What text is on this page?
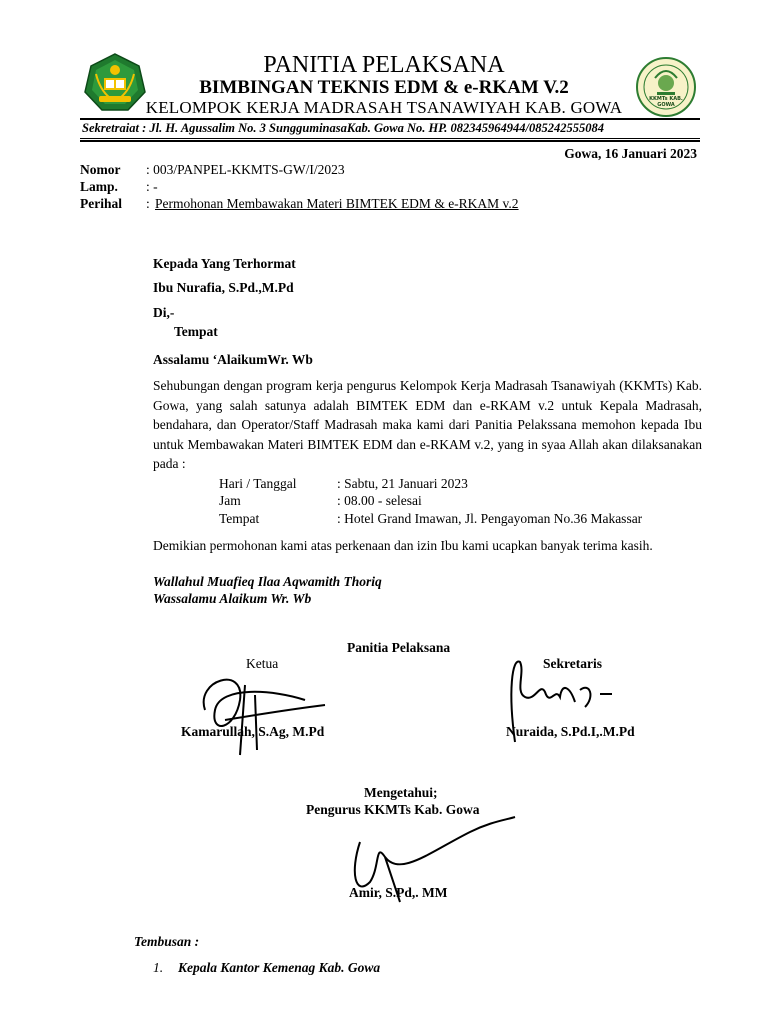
KKMTs KAB. GOWA
PANITIA PELAKSANA
BIMBINGAN TEKNIS EDM & e-RKAM V.2
KELOMPOK KERJA MADRASAH TSANAWIYAH KAB. GOWA
Sekretraiat : Jl. H. Agussalim No. 3 SungguminasaKab. Gowa No. HP. 082345964944/085242555084
Gowa, 16 Januari 2023
Nomor : 003/PANPEL-KKMTS-GW/I/2023
Lamp. : -
Perihal : Permohonan Membawakan Materi BIMTEK EDM & e-RKAM v.2
Kepada Yang Terhormat
Ibu Nurafia, S.Pd.,M.Pd
Di,-
Tempat
Assalamu ‘AlaikumWr. Wb
Sehubungan dengan program kerja pengurus Kelompok Kerja Madrasah Tsanawiyah (KKMTs) Kab. Gowa, yang salah satunya adalah BIMTEK EDM dan e-RKAM v.2 untuk Kepala Madrasah, bendahara, dan Operator/Staff Madrasah maka kami dari Panitia Pelakssana memohon kepada Ibu untuk Membawakan Materi BIMTEK EDM dan e-RKAM v.2, yang in syaa Allah akan dilaksanakan pada :
Hari / Tanggal	: Sabtu, 21 Januari 2023
Jam	: 08.00 - selesai
Tempat	: Hotel Grand Imawan, Jl. Pengayoman No.36 Makassar
Demikian permohonan kami atas perkenaan dan izin Ibu kami ucapkan banyak terima kasih.
Wallahul Muafieq Ilaa Aqwamith Thoriq
Wassalamu Alaikum Wr. Wb
Panitia Pelaksana
Ketua	Sekretaris
Kamarullah, S.Ag, M.Pd	Nuraida, S.Pd.I,.M.Pd
Mengetahui;
Pengurus KKMTs Kab. Gowa
Amir, S.Pd,. MM
Tembusan :
1. Kepala Kantor Kemenag Kab. Gowa
